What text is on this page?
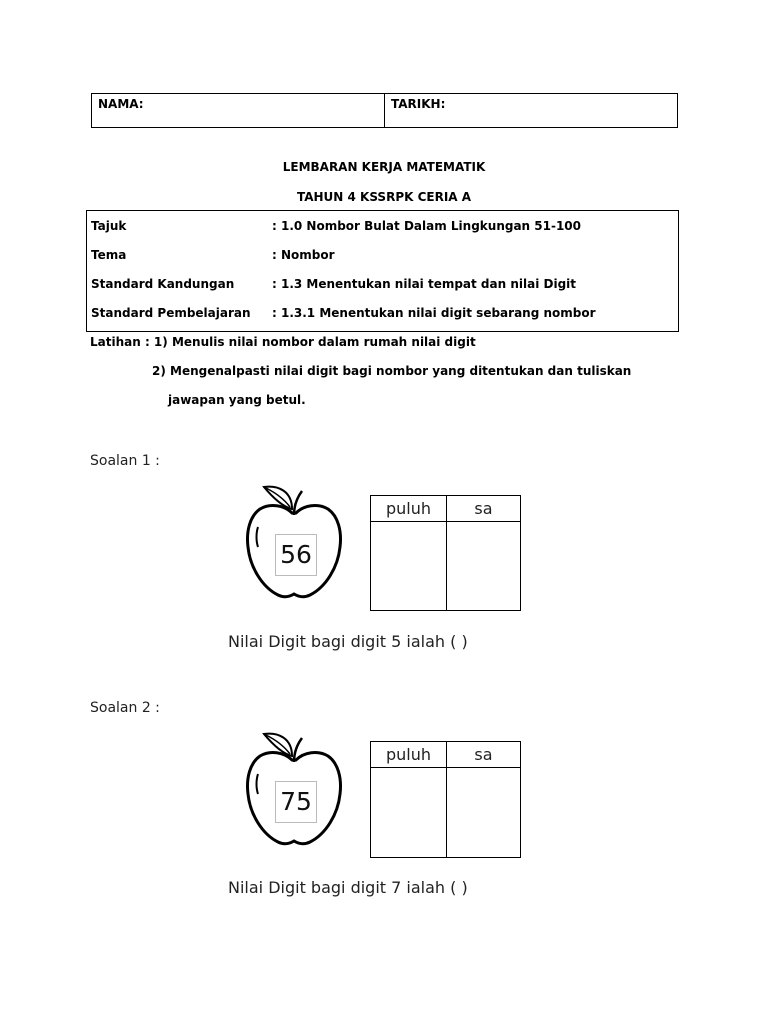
NAMA:	TARIKH:
LEMBARAN KERJA MATEMATIK
TAHUN 4 KSSRPK CERIA A
Tajuk	: 1.0 Nombor Bulat Dalam Lingkungan 51-100
Tema	: Nombor
Standard Kandungan	: 1.3 Menentukan nilai tempat dan nilai Digit
Standard Pembelajaran	: 1.3.1 Menentukan nilai digit sebarang nombor
Latihan : 1) Menulis nilai nombor dalam rumah nilai digit
2) Mengenalpasti nilai digit bagi nombor yang ditentukan dan tuliskan
jawapan yang betul.
Soalan 1 :
56
puluh	sa
Nilai Digit bagi digit 5 ialah ( )
Soalan 2 :
75
puluh	sa
Nilai Digit bagi digit 7 ialah ( )
